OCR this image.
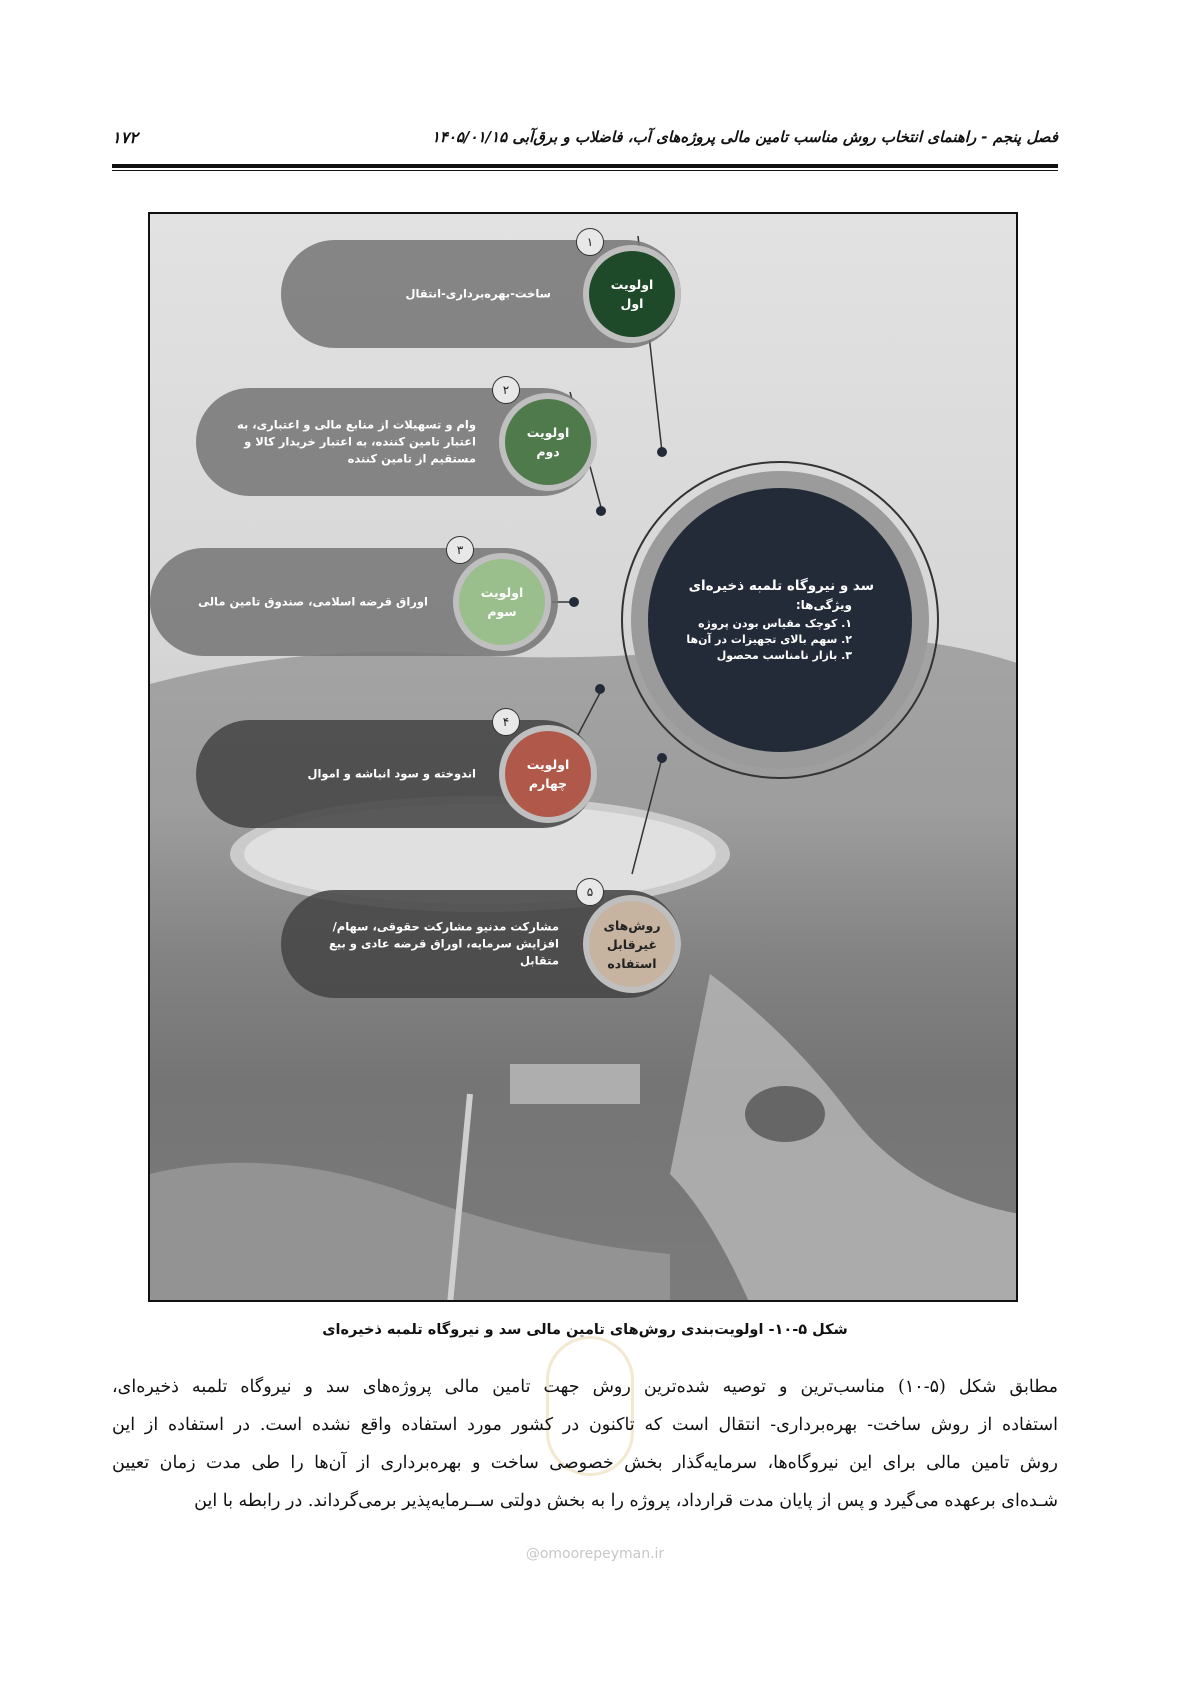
فصل پنجم - راهنمای انتخاب روش مناسب تامین مالی پروژه‌های آب، فاضلاب و برق‌آبی ۱۴۰۵/۰۱/۱۵
۱۷۲
ساخت-بهره‌برداری-انتقال
اولویت
اول
۱
وام و تسهیلات از منابع مالی و اعتباری، به اعتبار تامین کننده، به اعتبار خریدار کالا و مستقیم از تامین کننده
اولویت
دوم
۲
اوراق قرضه اسلامی، صندوق تامین مالی
اولویت
سوم
۳
اندوخته و سود انباشه و اموال
اولویت
چهارم
۴
مشارکت مدنیو مشارکت حقوقی، سهام/افزایش سرمایه، اوراق قرضه عادی و بیع متقابل
روش‌های
غیرقابل
استفاده
۵
سد و نیروگاه تلمبه ذخیره‌ای
ویژگی‌ها:
۱. کوچک مقیاس بودن پروژه
۲. سهم بالای تجهیزات در آن‌ها
۳. بازار نامناسب محصول
شکل ۵-۱۰- اولویت‌بندی روش‌های تامین مالی سد و نیروگاه تلمبه ذخیره‌ای
مطابق شکل (۵-۱۰) مناسب‌ترین و توصیه شده‌ترین روش جهت تامین مالی پروژه‌های سد و نیروگاه تلمبه ذخیره‌ای،
استفاده از روش ساخت- بهره‌برداری- انتقال است که تاکنون در کشور مورد استفاده واقع نشده است. در استفاده از این
روش تامین مالی برای این نیروگاه‌ها، سرمایه‌گذار بخش خصوصی ساخت و بهره‌برداری از آن‌ها را طی مدت زمان تعیین
شـده‌ای برعهده می‌گیرد و پس از پایان مدت قرارداد، پروژه را به بخش دولتی ســرمایه‌پذیر برمی‌گرداند. در رابطه با این
@omoorepeyman.ir
